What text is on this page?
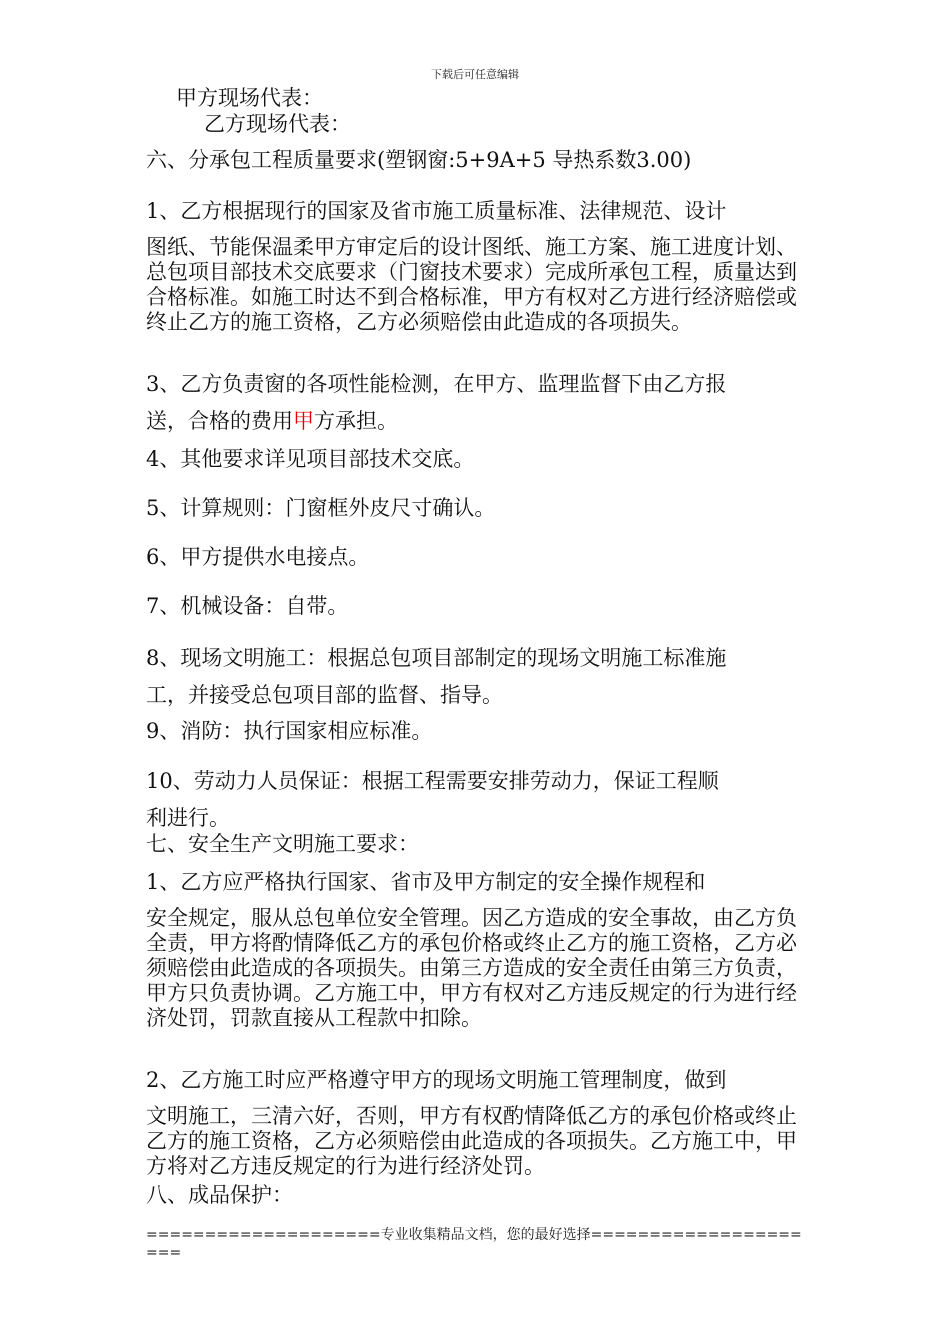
下载后可任意编辑
甲方现场代表：
乙方现场代表：
六、分承包工程质量要求(塑钢窗:5+9A+5 导热系数3.00)
1、乙方根据现行的国家及省市施工质量标准、法律规范、设计
图纸、节能保温柔甲方审定后的设计图纸、施工方案、施工进度计划、总包项目部技术交底要求（门窗技术要求）完成所承包工程，质量达到合格标准。如施工时达不到合格标准，甲方有权对乙方进行经济赔偿或终止乙方的施工资格，乙方必须赔偿由此造成的各项损失。
3、乙方负责窗的各项性能检测，在甲方、监理监督下由乙方报
送，合格的费用甲方承担。
4、其他要求详见项目部技术交底。
5、计算规则：门窗框外皮尺寸确认。
6、甲方提供水电接点。
7、机械设备：自带。
8、现场文明施工：根据总包项目部制定的现场文明施工标准施
工，并接受总包项目部的监督、指导。
9、消防：执行国家相应标准。
10、劳动力人员保证：根据工程需要安排劳动力，保证工程顺
利进行。
七、安全生产文明施工要求：
1、乙方应严格执行国家、省市及甲方制定的安全操作规程和
安全规定，服从总包单位安全管理。因乙方造成的安全事故，由乙方负全责，甲方将酌情降低乙方的承包价格或终止乙方的施工资格，乙方必须赔偿由此造成的各项损失。由第三方造成的安全责任由第三方负责，甲方只负责协调。乙方施工中，甲方有权对乙方违反规定的行为进行经济处罚，罚款直接从工程款中扣除。
2、乙方施工时应严格遵守甲方的现场文明施工管理制度，做到
文明施工，三清六好，否则，甲方有权酌情降低乙方的承包价格或终止乙方的施工资格，乙方必须赔偿由此造成的各项损失。乙方施工中，甲方将对乙方违反规定的行为进行经济处罚。
八、成品保护：
====================专业收集精品文档，您的最好选择=====================
